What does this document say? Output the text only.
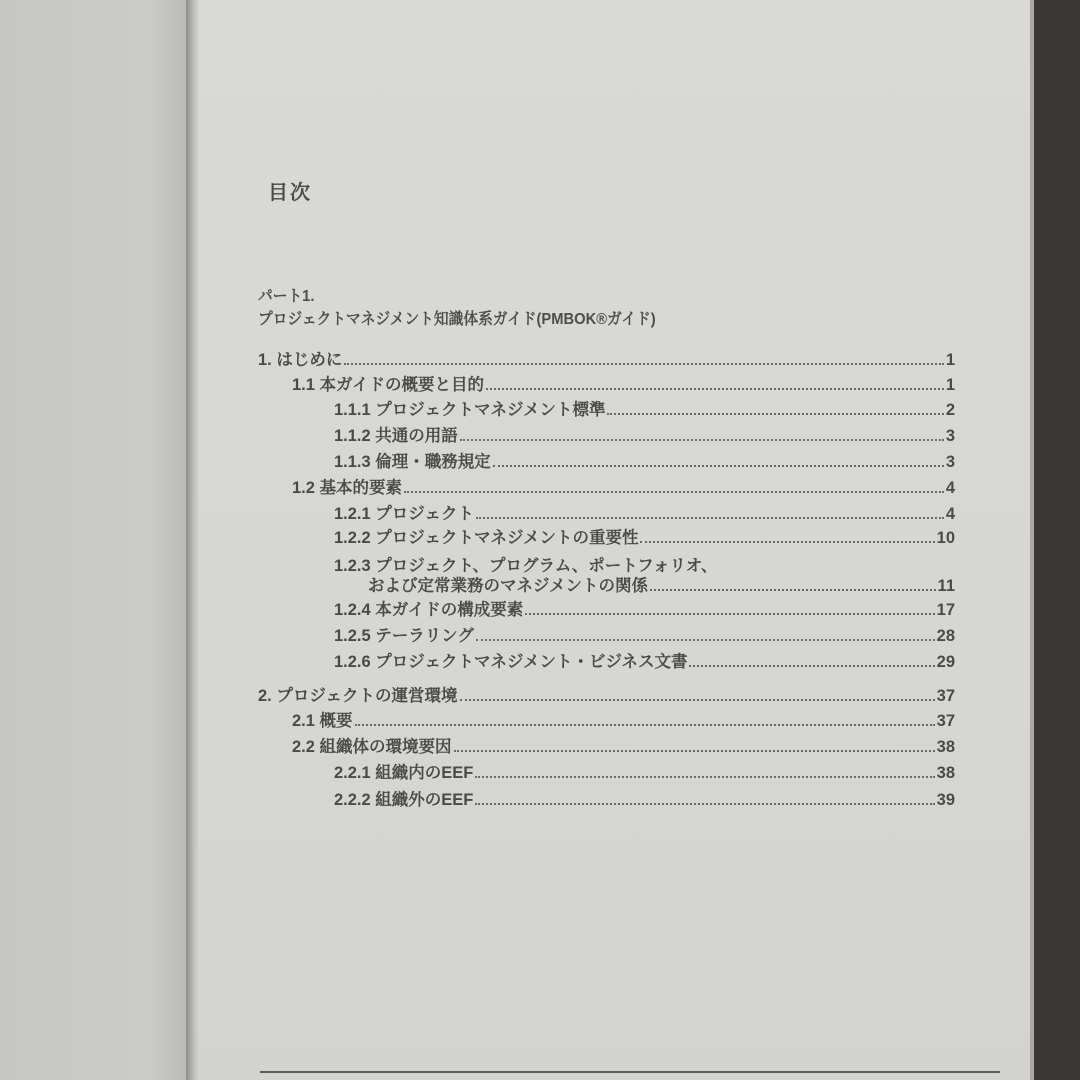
目次
パート1.
プロジェクトマネジメント知識体系ガイド(PMBOK®ガイド)
1. はじめに	1
1.1 本ガイドの概要と目的	1
1.1.1 プロジェクトマネジメント標準	2
1.1.2 共通の用語	3
1.1.3 倫理・職務規定	3
1.2 基本的要素	4
1.2.1 プロジェクト	4
1.2.2 プロジェクトマネジメントの重要性	10
1.2.3 プロジェクト、プログラム、ポートフォリオ、
および定常業務のマネジメントの関係	11
1.2.4 本ガイドの構成要素	17
1.2.5 テーラリング	28
1.2.6 プロジェクトマネジメント・ビジネス文書	29
2. プロジェクトの運営環境	37
2.1 概要	37
2.2 組織体の環境要因	38
2.2.1 組織内のEEF	38
2.2.2 組織外のEEF	39
